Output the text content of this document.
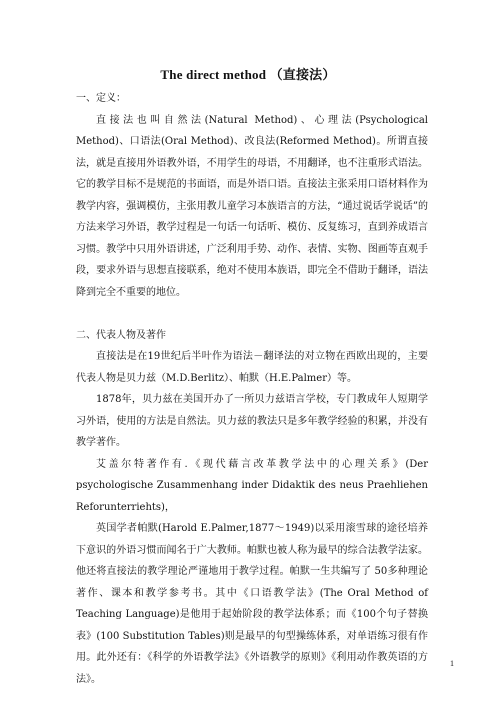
The direct method （直接法）

一、定义：

直接法也叫自然法(Natural Method)、心理法(Psychological Method)、口语法(Oral Method)、改良法(Reformed Method)。所谓直接法，就是直接用外语教外语，不用学生的母语，不用翻译，也不注重形式语法。它的教学目标不是规范的书面语，而是外语口语。直接法主张采用口语材料作为教学内容，强调模仿，主张用教儿童学习本族语言的方法，“通过说话学说话”的方法来学习外语，教学过程是一句话一句话听、模仿、反复练习，直到养成语言习惯。教学中只用外语讲述，广泛利用手势、动作、表情、实物、图画等直观手段，要求外语与思想直接联系，绝对不使用本族语，即完全不借助于翻译，语法降到完全不重要的地位。

二、代表人物及著作

直接法是在19世纪后半叶作为语法－翻译法的对立物在西欧出现的，主要代表人物是贝力兹（M.D.Berlitz）、帕默（H.E.Palmer）等。

1878年，贝力兹在美国开办了一所贝力兹语言学校，专门教成年人短期学习外语，使用的方法是自然法。贝力兹的教法只是多年教学经验的积累，并没有教学著作。

艾盖尔特著作有.《现代藉言改革教学法中的心理关系》(Der psychologische Zusammenhang inder Didaktik des neus Praehliehen Reforunterriehts)，

英国学者帕默(Harold E.Palmer,1877～1949)以采用滚雪球的途径培养下意识的外语习惯而闻名于广大教师。帕默也被人称为最早的综合法教学法家。他还将直接法的教学理论严谨地用于教学过程。帕默一生共编写了 50多种理论著作、课本和教学参考书。其中《口语教学法》(The Oral Method of Teaching Language)是他用于起始阶段的教学法体系；而《100个句子替换表》(100 Substitution Tables)则是最早的句型操练体系，对单语练习很有作用。此外还有：《科学的外语教学法》《外语教学的原则》《利用动作教英语的方法》。

1
